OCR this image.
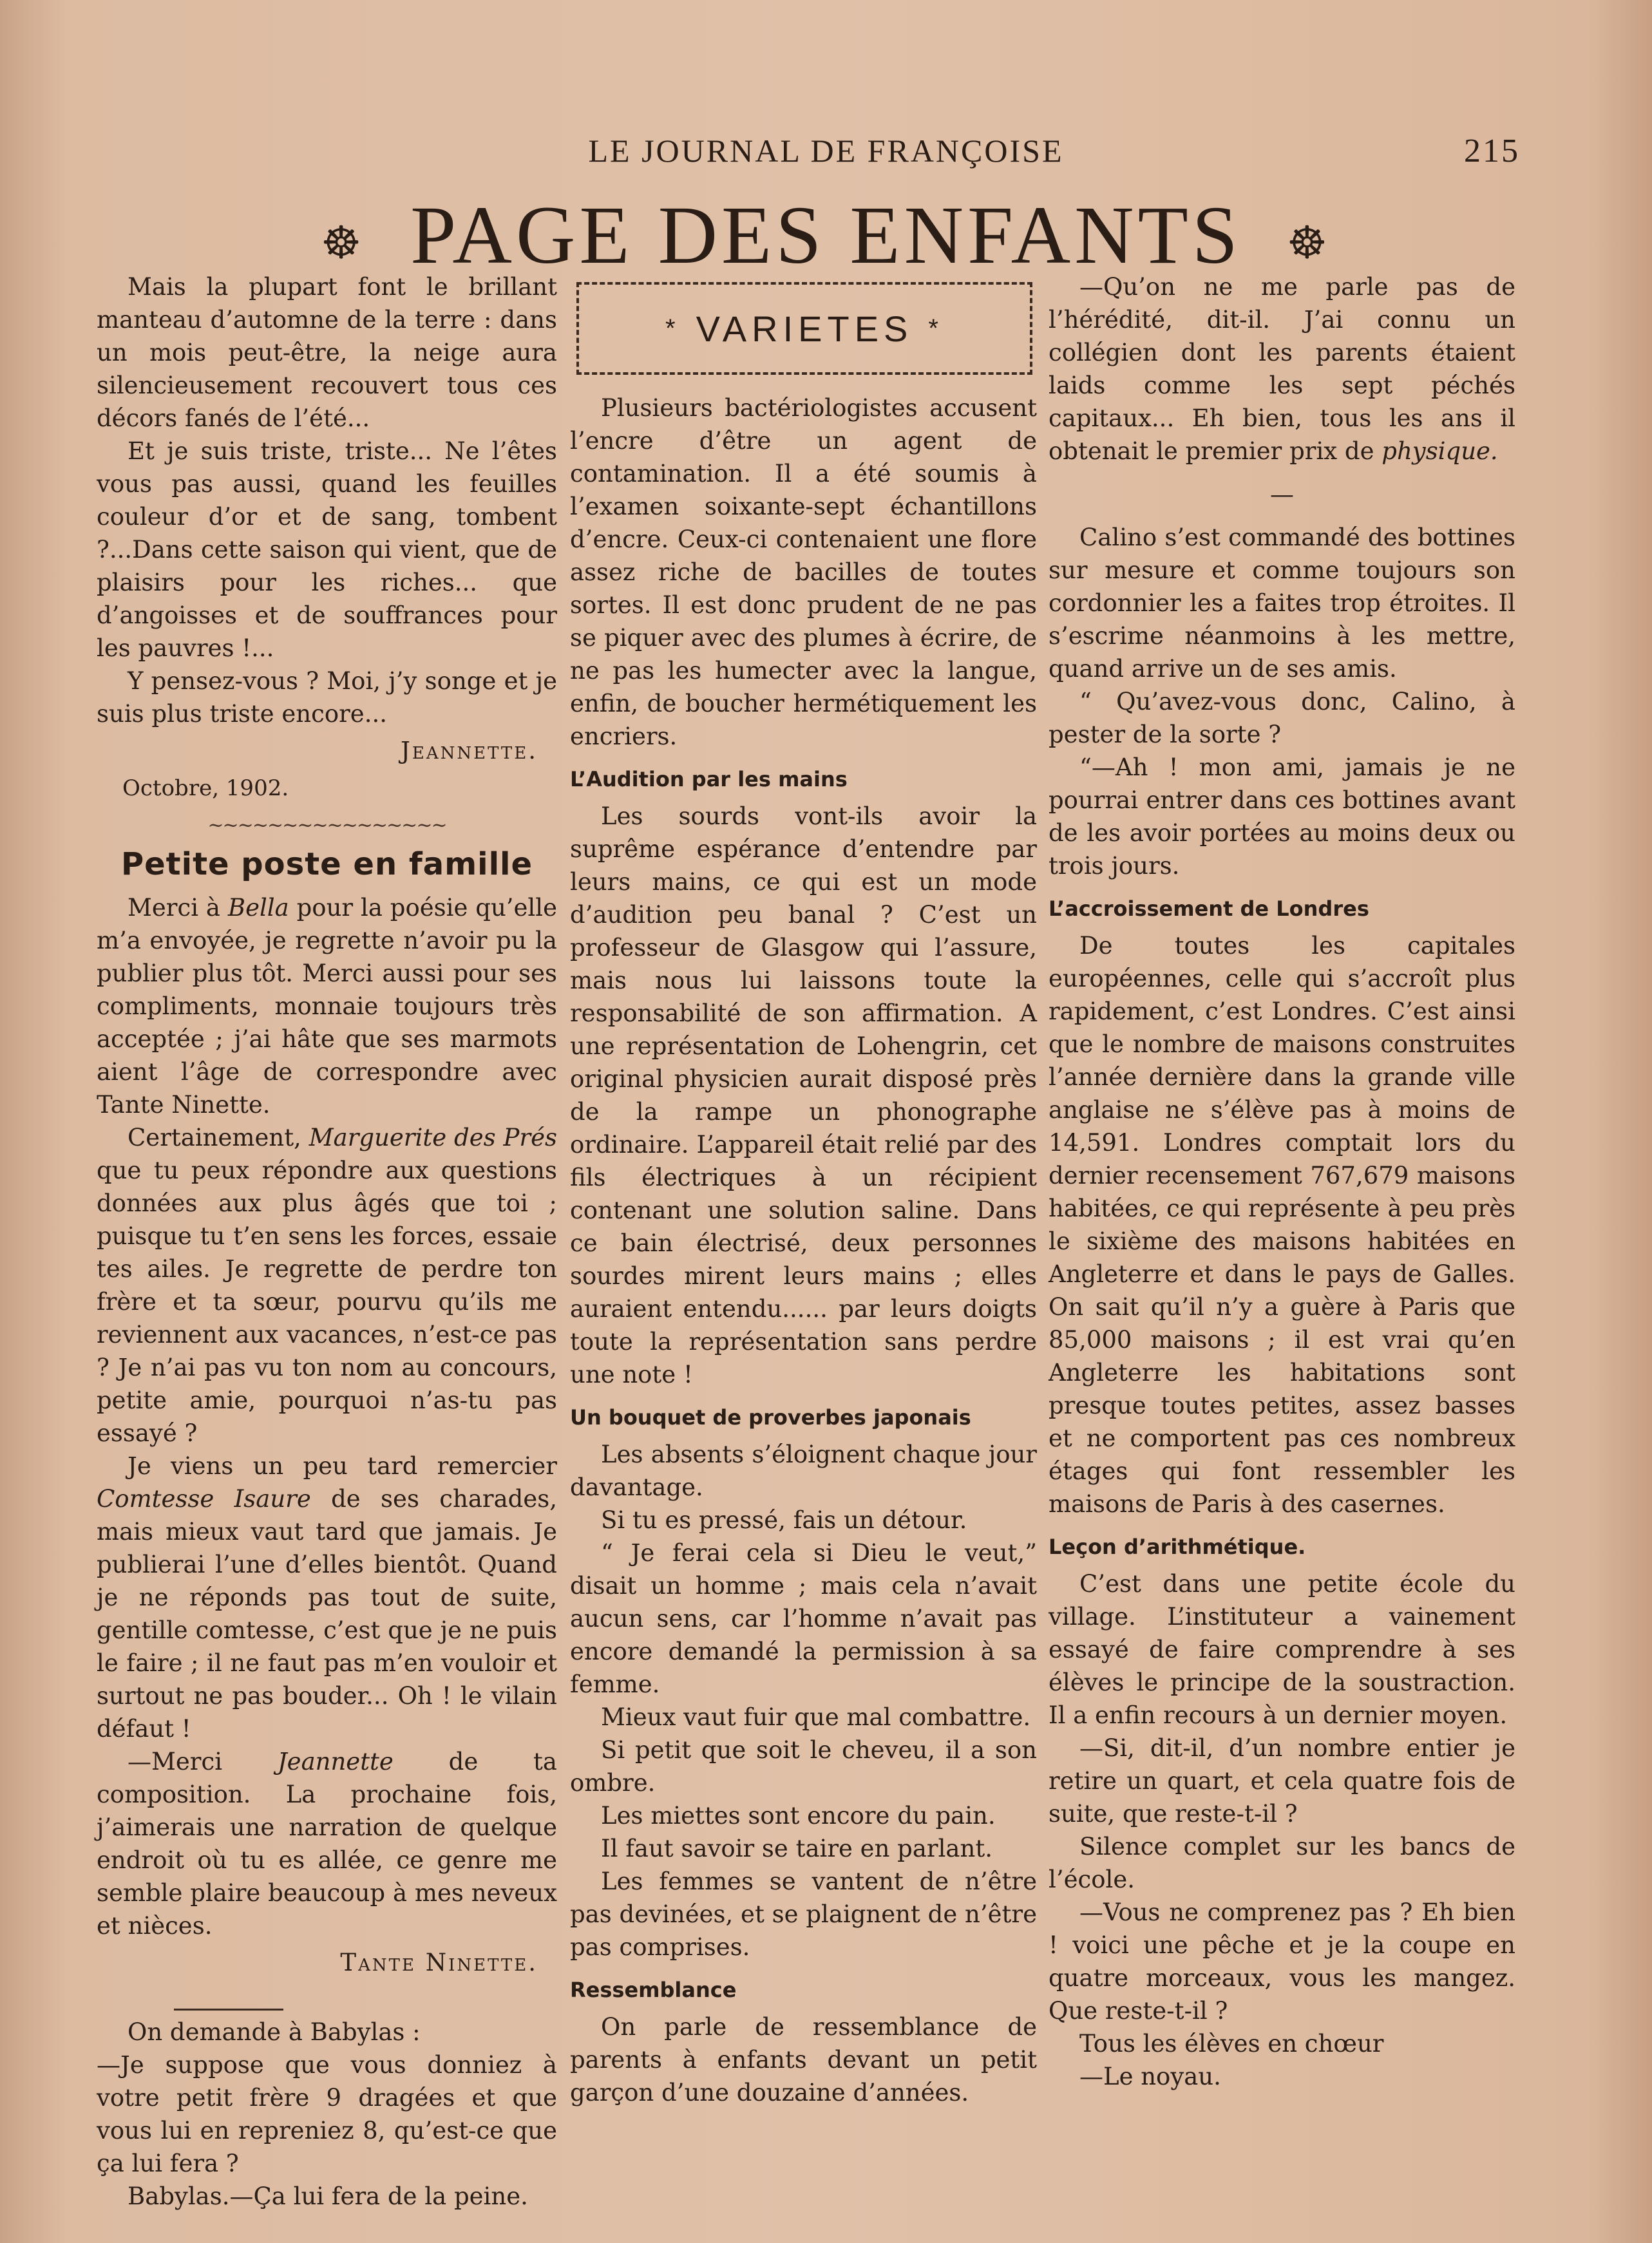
LE JOURNAL DE FRANÇOISE	215
☸ PAGE DES ENFANTS ☸

Mais la plupart font le brillant manteau d’automne de la terre : dans un mois peut-être, la neige aura silencieusement recouvert tous ces décors fanés de l’été...

Et je suis triste, triste... Ne l’êtes vous pas aussi, quand les feuilles couleur d’or et de sang, tombent ?...Dans cette saison qui vient, que de plaisirs pour les riches... que d’angoisses et de souffrances pour les pauvres !...

Y pensez-vous ? Moi, j’y songe et je suis plus triste encore...

Jeannette.
Octobre, 1902.
~~~~~~~~~~~~~~~~
Petite poste en famille

Merci à Bella pour la poésie qu’elle m’a envoyée, je regrette n’avoir pu la publier plus tôt. Merci aussi pour ses compliments, monnaie toujours très acceptée ; j’ai hâte que ses marmots aient l’âge de correspondre avec Tante Ninette.

Certainement, Marguerite des Prés que tu peux répondre aux questions données aux plus âgés que toi ; puisque tu t’en sens les forces, essaie tes ailes. Je regrette de perdre ton frère et ta sœur, pourvu qu’ils me reviennent aux vacances, n’est-ce pas ? Je n’ai pas vu ton nom au concours, petite amie, pourquoi n’as-tu pas essayé ?

Je viens un peu tard remercier Comtesse Isaure de ses charades, mais mieux vaut tard que jamais. Je publierai l’une d’elles bientôt. Quand je ne réponds pas tout de suite, gentille comtesse, c’est que je ne puis le faire ; il ne faut pas m’en vouloir et surtout ne pas bouder... Oh ! le vilain défaut !

—Merci Jeannette de ta composition. La prochaine fois, j’aimerais une narration de quelque endroit où tu es allée, ce genre me semble plaire beaucoup à mes neveux et nièces.

Tante Ninette.

On demande à Babylas :

—Je suppose que vous donniez à votre petit frère 9 dragées et que vous lui en repreniez 8, qu’est-ce que ça lui fera ?

Babylas.—Ça lui fera de la peine.

* VARIETES *

Plusieurs bactériologistes accusent l’encre d’être un agent de contamination. Il a été soumis à l’examen soixante-sept échantillons d’encre. Ceux-ci contenaient une flore assez riche de bacilles de toutes sortes. Il est donc prudent de ne pas se piquer avec des plumes à écrire, de ne pas les humecter avec la langue, enfin, de boucher hermétiquement les encriers.

L’Audition par les mains

Les sourds vont-ils avoir la suprême espérance d’entendre par leurs mains, ce qui est un mode d’audition peu banal ? C’est un professeur de Glasgow qui l’assure, mais nous lui laissons toute la responsabilité de son affirmation. A une représentation de Lohengrin, cet original physicien aurait disposé près de la rampe un phonographe ordinaire. L’appareil était relié par des fils électriques à un récipient contenant une solution saline. Dans ce bain électrisé, deux personnes sourdes mirent leurs mains ; elles auraient entendu...... par leurs doigts toute la représentation sans perdre une note !

Un bouquet de proverbes japonais

Les absents s’éloignent chaque jour davantage.

Si tu es pressé, fais un détour.

“ Je ferai cela si Dieu le veut,” disait un homme ; mais cela n’avait aucun sens, car l’homme n’avait pas encore demandé la permission à sa femme.

Mieux vaut fuir que mal combattre.

Si petit que soit le cheveu, il a son ombre.

Les miettes sont encore du pain.

Il faut savoir se taire en parlant.

Les femmes se vantent de n’être pas devinées, et se plaignent de n’être pas comprises.

Ressemblance

On parle de ressemblance de parents à enfants devant un petit garçon d’une douzaine d’années.

—Qu’on ne me parle pas de l’hérédité, dit-il. J’ai connu un collégien dont les parents étaient laids comme les sept péchés capitaux... Eh bien, tous les ans il obtenait le premier prix de physique.

—

Calino s’est commandé des bottines sur mesure et comme toujours son cordonnier les a faites trop étroites. Il s’escrime néanmoins à les mettre, quand arrive un de ses amis.

“ Qu’avez-vous donc, Calino, à pester de la sorte ?

“—Ah ! mon ami, jamais je ne pourrai entrer dans ces bottines avant de les avoir portées au moins deux ou trois jours.

L’accroissement de Londres

De toutes les capitales européennes, celle qui s’accroît plus rapidement, c’est Londres. C’est ainsi que le nombre de maisons construites l’année dernière dans la grande ville anglaise ne s’élève pas à moins de 14,591. Londres comptait lors du dernier recensement 767,679 maisons habitées, ce qui représente à peu près le sixième des maisons habitées en Angleterre et dans le pays de Galles. On sait qu’il n’y a guère à Paris que 85,000 maisons ; il est vrai qu’en Angleterre les habitations sont presque toutes petites, assez basses et ne comportent pas ces nombreux étages qui font ressembler les maisons de Paris à des casernes.

Leçon d’arithmétique.

C’est dans une petite école du village. L’instituteur a vainement essayé de faire comprendre à ses élèves le principe de la soustraction. Il a enfin recours à un dernier moyen.

—Si, dit-il, d’un nombre entier je retire un quart, et cela quatre fois de suite, que reste-t-il ?

Silence complet sur les bancs de l’école.

—Vous ne comprenez pas ? Eh bien ! voici une pêche et je la coupe en quatre morceaux, vous les mangez. Que reste-t-il ?

Tous les élèves en chœur

—Le noyau.
